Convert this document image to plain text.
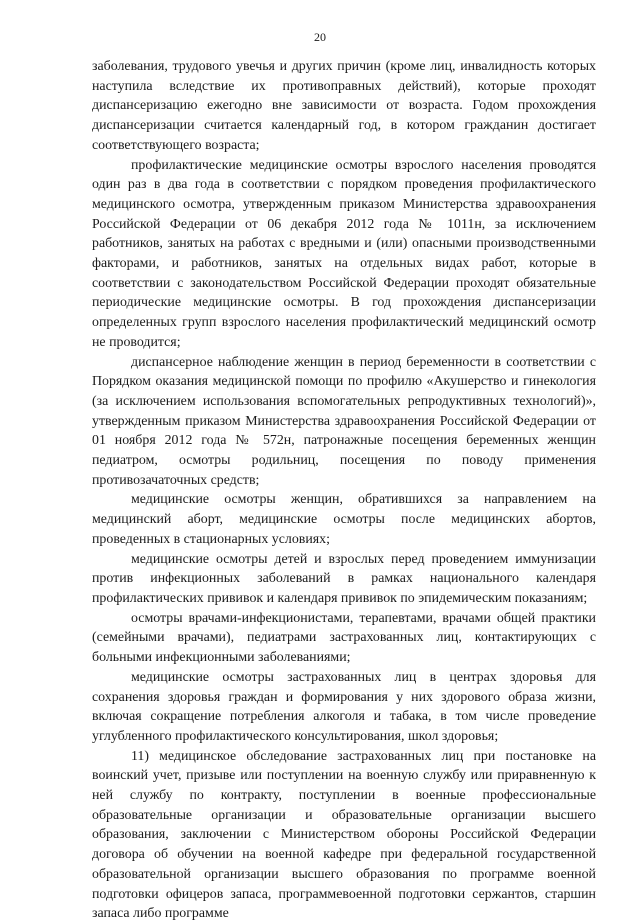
20

заболевания, трудового увечья и других причин (кроме лиц, инвалидность которых наступила вследствие их противоправных действий), которые проходят диспансеризацию ежегодно вне зависимости от возраста. Годом прохождения диспансеризации считается календарный год, в котором гражданин достигает соответствующего возраста;

профилактические медицинские осмотры взрослого населения проводятся один раз в два года в соответствии с порядком проведения профилактического медицинского осмотра, утвержденным приказом Министерства здравоохранения Российской Федерации от 06 декабря 2012 года № 1011н, за исключением работников, занятых на работах с вредными и (или) опасными производственными факторами, и работников, занятых на отдельных видах работ, которые в соответствии с законодательством Российской Федерации проходят обязательные периодические медицинские осмотры. В год прохождения диспансеризации определенных групп взрослого населения профилактический медицинский осмотр не проводится;

диспансерное наблюдение женщин в период беременности в соответствии с Порядком оказания медицинской помощи по профилю «Акушерство и гинекология (за исключением использования вспомогательных репродуктивных технологий)», утвержденным приказом Министерства здравоохранения Российской Федерации от 01 ноября 2012 года № 572н, патронажные посещения беременных женщин педиатром, осмотры родильниц, посещения по поводу применения противозачаточных средств;

медицинские осмотры женщин, обратившихся за направлением на медицинский аборт, медицинские осмотры после медицинских абортов, проведенных в стационарных условиях;

медицинские осмотры детей и взрослых перед проведением иммунизации против инфекционных заболеваний в рамках национального календаря профилактических прививок и календаря прививок по эпидемическим показаниям;

осмотры врачами-инфекционистами, терапевтами, врачами общей практики (семейными врачами), педиатрами застрахованных лиц, контактирующих с больными инфекционными заболеваниями;

медицинские осмотры застрахованных лиц в центрах здоровья для сохранения здоровья граждан и формирования у них здорового образа жизни, включая сокращение потребления алкоголя и табака, в том числе проведение углубленного профилактического консультирования, школ здоровья;

11) медицинское обследование застрахованных лиц при постановке на воинский учет, призыве или поступлении на военную службу или приравненную к ней службу по контракту, поступлении в военные профессиональные образовательные организации и образовательные организации высшего образования, заключении с Министерством обороны Российской Федерации договора об обучении на военной кафедре при федеральной государственной образовательной организации высшего образования по программе военной подготовки офицеров запаса, программевоенной подготовки сержантов, старшин запаса либо программе
